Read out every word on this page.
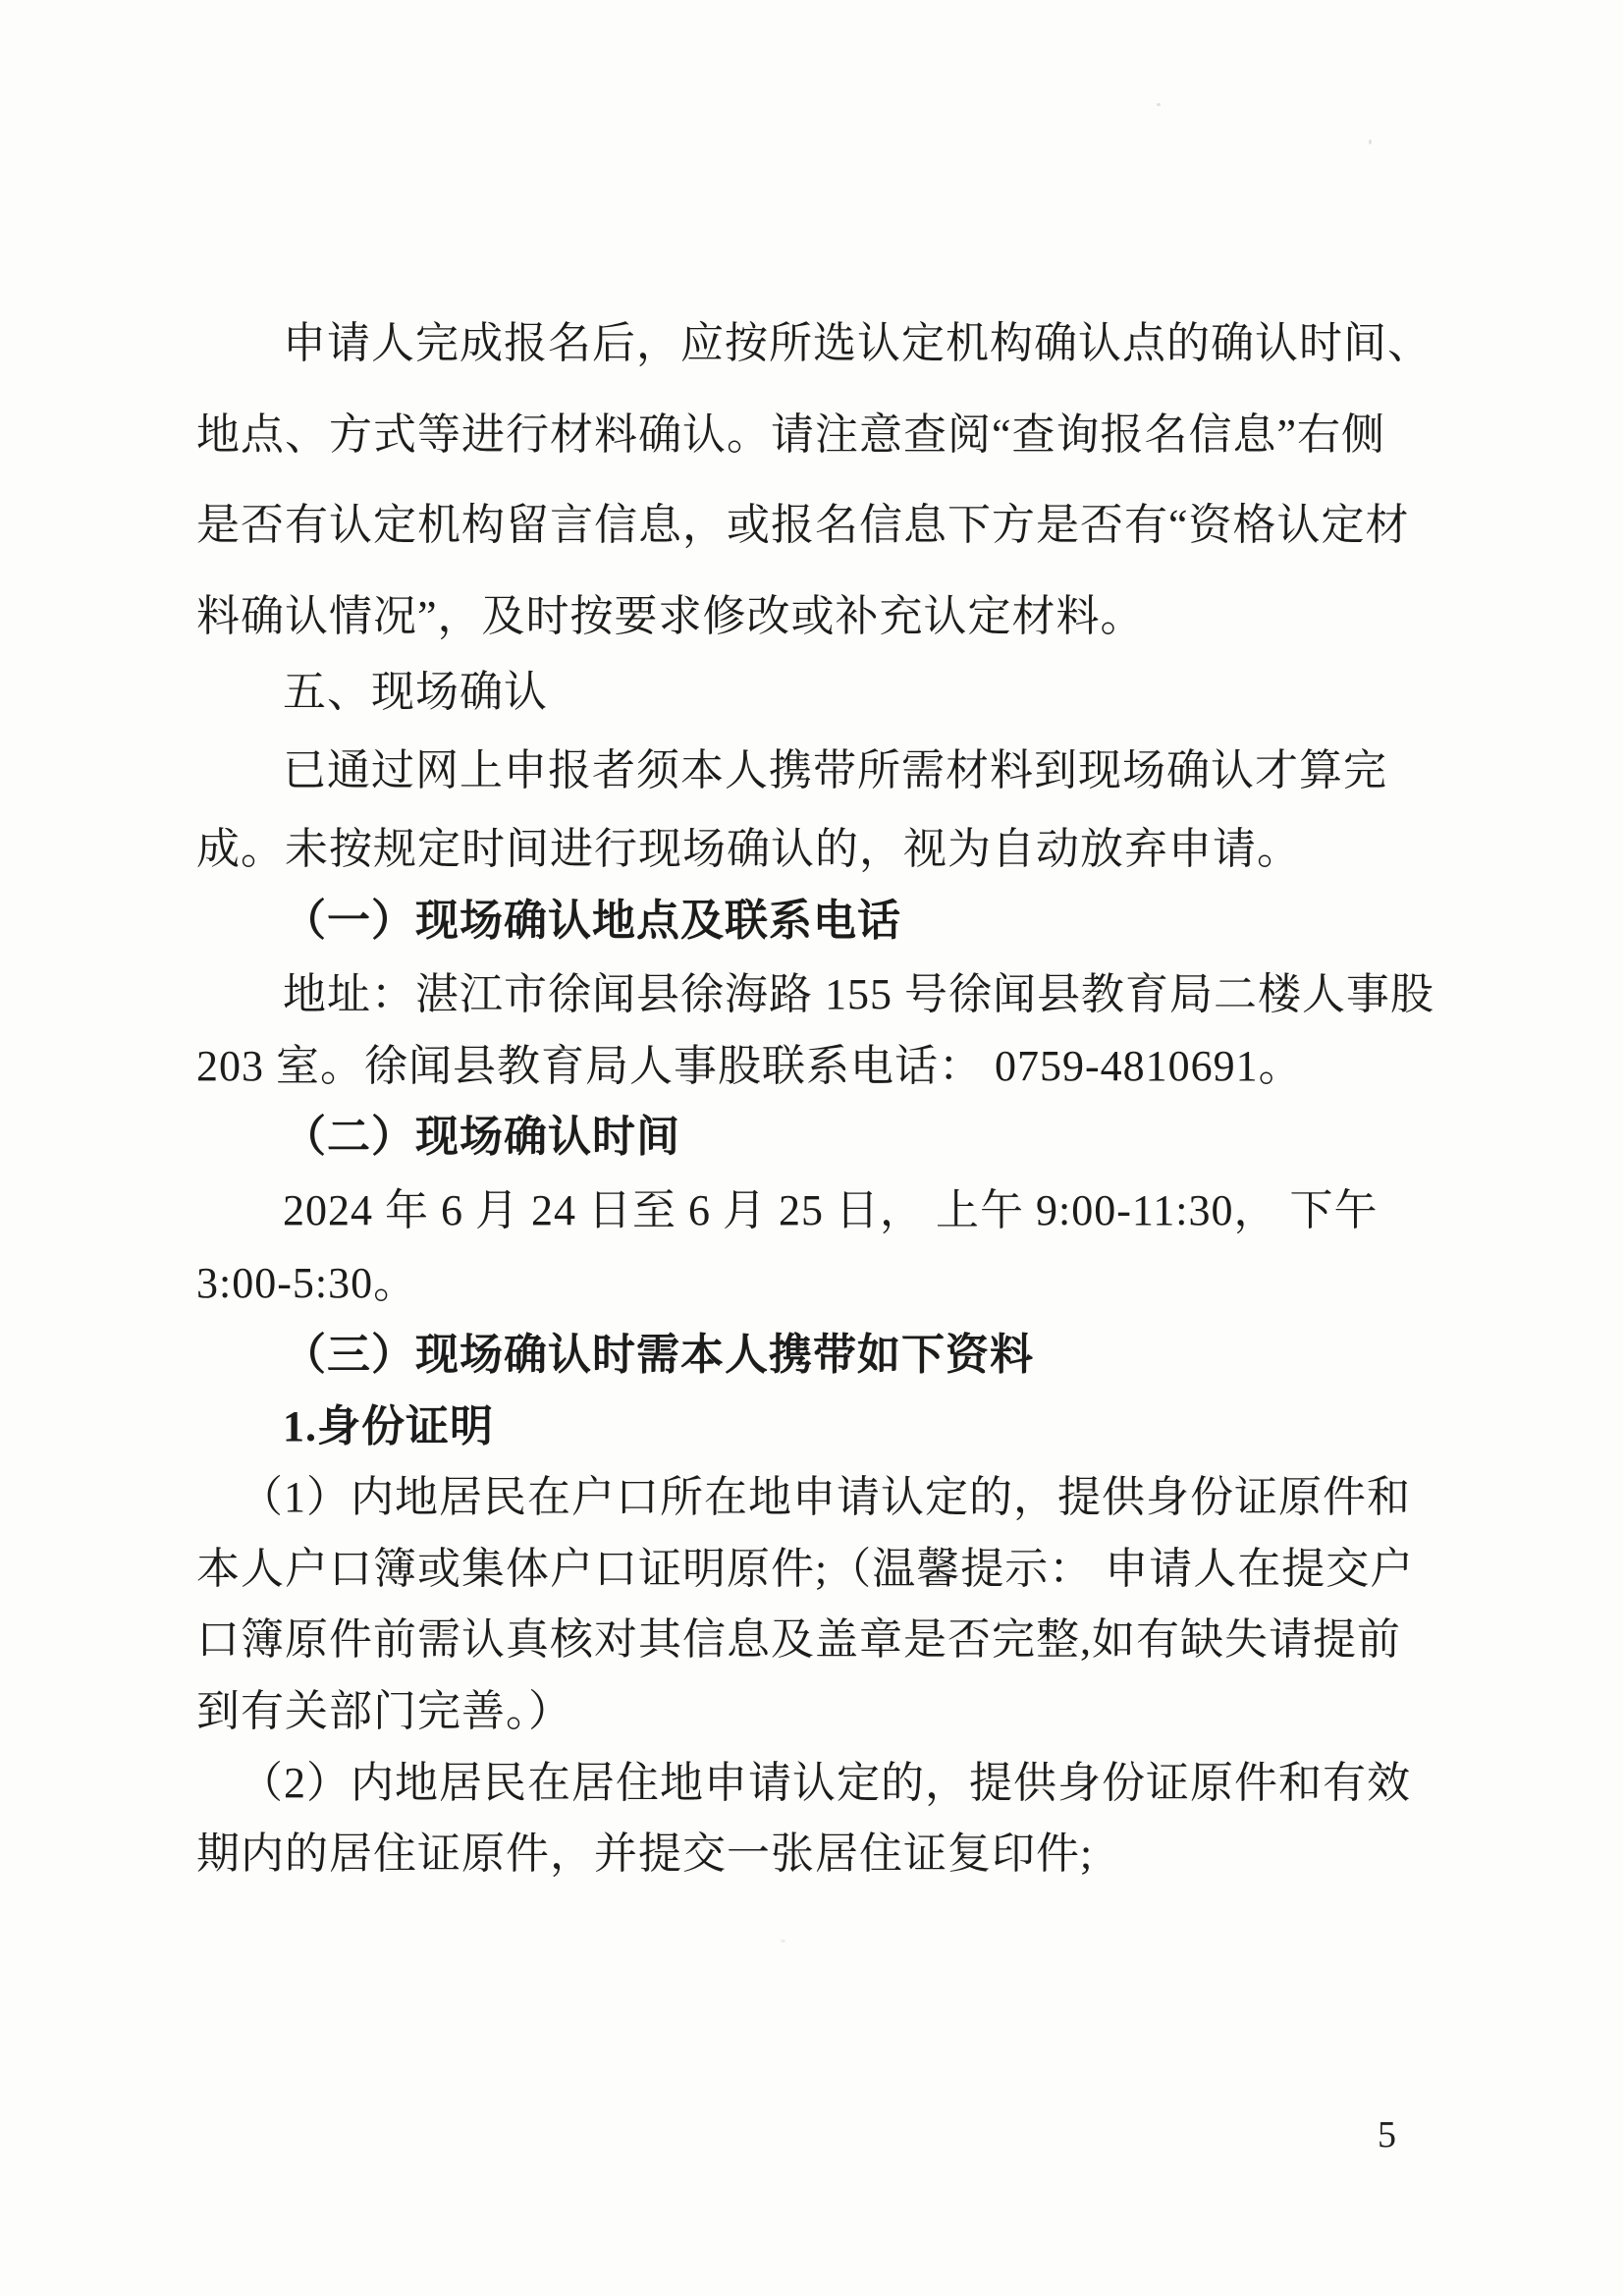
申请人完成报名后，应按所选认定机构确认点的确认时间、
地点、方式等进行材料确认。请注意查阅“查询报名信息”右侧
是否有认定机构留言信息，或报名信息下方是否有“资格认定材
料确认情况”，及时按要求修改或补充认定材料。
五、现场确认
已通过网上申报者须本人携带所需材料到现场确认才算完
成。未按规定时间进行现场确认的，视为自动放弃申请。
（一）现场确认地点及联系电话
地址：湛江市徐闻县徐海路 155 号徐闻县教育局二楼人事股
203 室。徐闻县教育局人事股联系电话： 0759-4810691。
（二）现场确认时间
2024 年 6 月 24 日至 6 月 25 日， 上午 9:00-11:30， 下午
3:00-5:30。
（三）现场确认时需本人携带如下资料
1.身份证明
（1）内地居民在户口所在地申请认定的，提供身份证原件和
本人户口簿或集体户口证明原件;（温馨提示： 申请人在提交户
口簿原件前需认真核对其信息及盖章是否完整,如有缺失请提前
到有关部门完善。）
（2）内地居民在居住地申请认定的，提供身份证原件和有效
期内的居住证原件，并提交一张居住证复印件;
5
